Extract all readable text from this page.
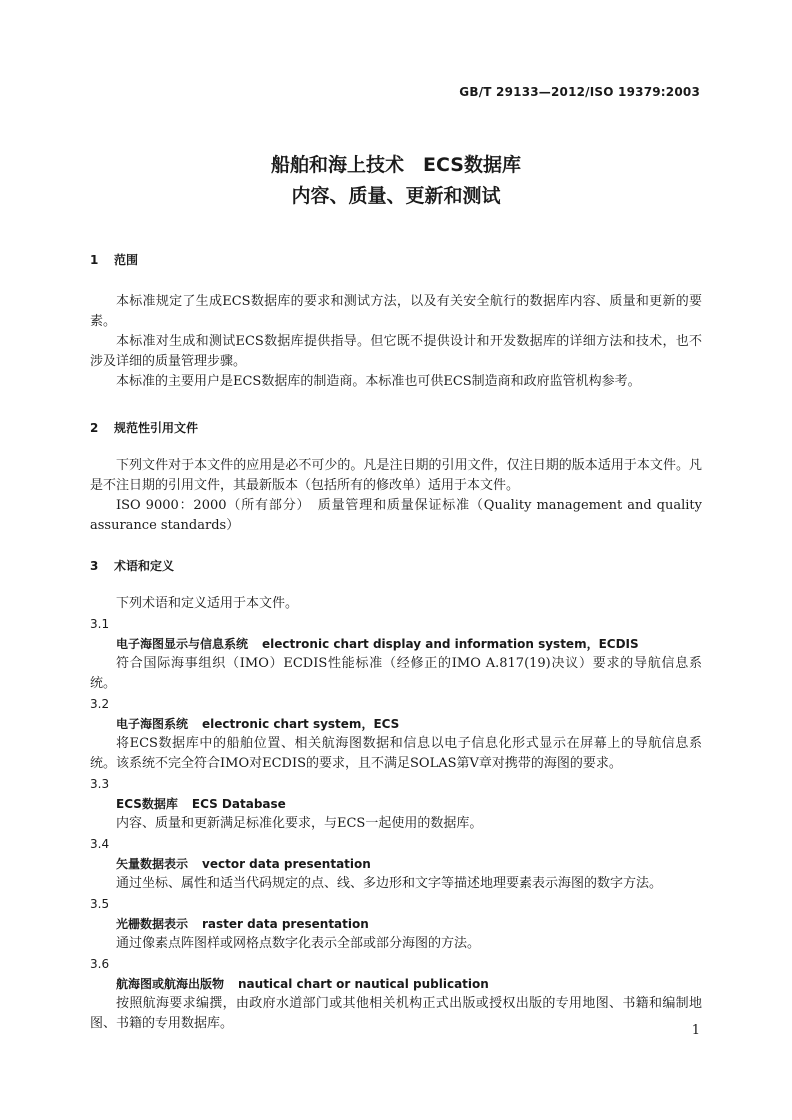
GB/T 29133—2012/ISO 19379:2003
船舶和海上技术　ECS数据库
内容、质量、更新和测试
1 范围
本标准规定了生成ECS数据库的要求和测试方法，以及有关安全航行的数据库内容、质量和更新的要素。
本标准对生成和测试ECS数据库提供指导。但它既不提供设计和开发数据库的详细方法和技术，也不涉及详细的质量管理步骤。
本标准的主要用户是ECS数据库的制造商。本标准也可供ECS制造商和政府监管机构参考。
2 规范性引用文件
下列文件对于本文件的应用是必不可少的。凡是注日期的引用文件，仅注日期的版本适用于本文件。凡是不注日期的引用文件，其最新版本（包括所有的修改单）适用于本文件。
ISO 9000：2000（所有部分）　质量管理和质量保证标准（Quality management and quality assurance standards）
3 术语和定义
下列术语和定义适用于本文件。
3.1
电子海图显示与信息系统 electronic chart display and information system，ECDIS
符合国际海事组织（IMO）ECDIS性能标准（经修正的IMO A.817(19)决议）要求的导航信息系统。
3.2
电子海图系统 electronic chart system，ECS
将ECS数据库中的船舶位置、相关航海图数据和信息以电子信息化形式显示在屏幕上的导航信息系统。该系统不完全符合IMO对ECDIS的要求，且不满足SOLAS第Ⅴ章对携带的海图的要求。
3.3
ECS数据库 ECS Database
内容、质量和更新满足标准化要求，与ECS一起使用的数据库。
3.4
矢量数据表示 vector data presentation
通过坐标、属性和适当代码规定的点、线、多边形和文字等描述地理要素表示海图的数字方法。
3.5
光栅数据表示 raster data presentation
通过像素点阵图样或网格点数字化表示全部或部分海图的方法。
3.6
航海图或航海出版物 nautical chart or nautical publication
按照航海要求编撰，由政府水道部门或其他相关机构正式出版或授权出版的专用地图、书籍和编制地图、书籍的专用数据库。	1
